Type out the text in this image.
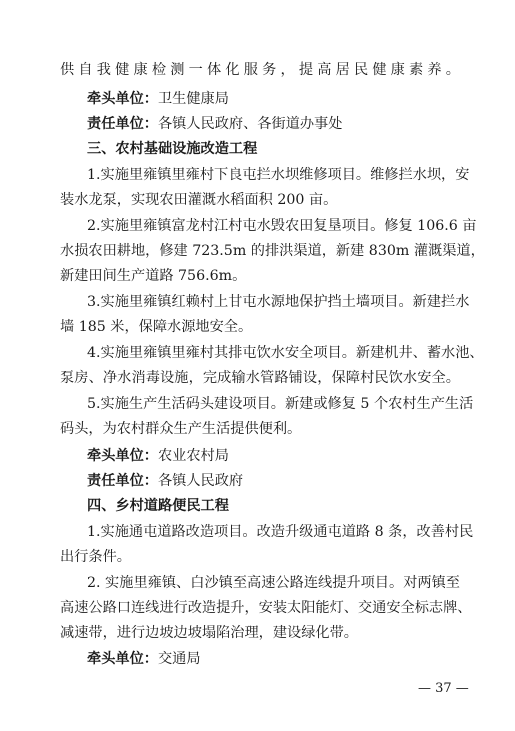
供自我健康检测一体化服务，提高居民健康素养。
牵头单位：卫生健康局
责任单位：各镇人民政府、各街道办事处
三、农村基础设施改造工程
1.实施里雍镇里雍村下良屯拦水坝维修项目。维修拦水坝，安
装水龙泵，实现农田灌溉水稻面积 200 亩。
2.实施里雍镇富龙村江村屯水毁农田复垦项目。修复 106.6 亩
水损农田耕地，修建 723.5m 的排洪渠道，新建 830m 灌溉渠道，
新建田间生产道路 756.6m。
3.实施里雍镇红赖村上甘屯水源地保护挡土墙项目。新建拦水
墙 185 米，保障水源地安全。
4.实施里雍镇里雍村其排屯饮水安全项目。新建机井、蓄水池、
泵房、净水消毒设施，完成输水管路铺设，保障村民饮水安全。
5.实施生产生活码头建设项目。新建或修复 5 个农村生产生活
码头，为农村群众生产生活提供便利。
牵头单位：农业农村局
责任单位：各镇人民政府
四、乡村道路便民工程
1.实施通屯道路改造项目。改造升级通屯道路 8 条，改善村民
出行条件。
2. 实施里雍镇、白沙镇至高速公路连线提升项目。对两镇至
高速公路口连线进行改造提升，安装太阳能灯、交通安全标志牌、
减速带，进行边坡边坡塌陷治理，建设绿化带。
牵头单位：交通局
— 37 —
